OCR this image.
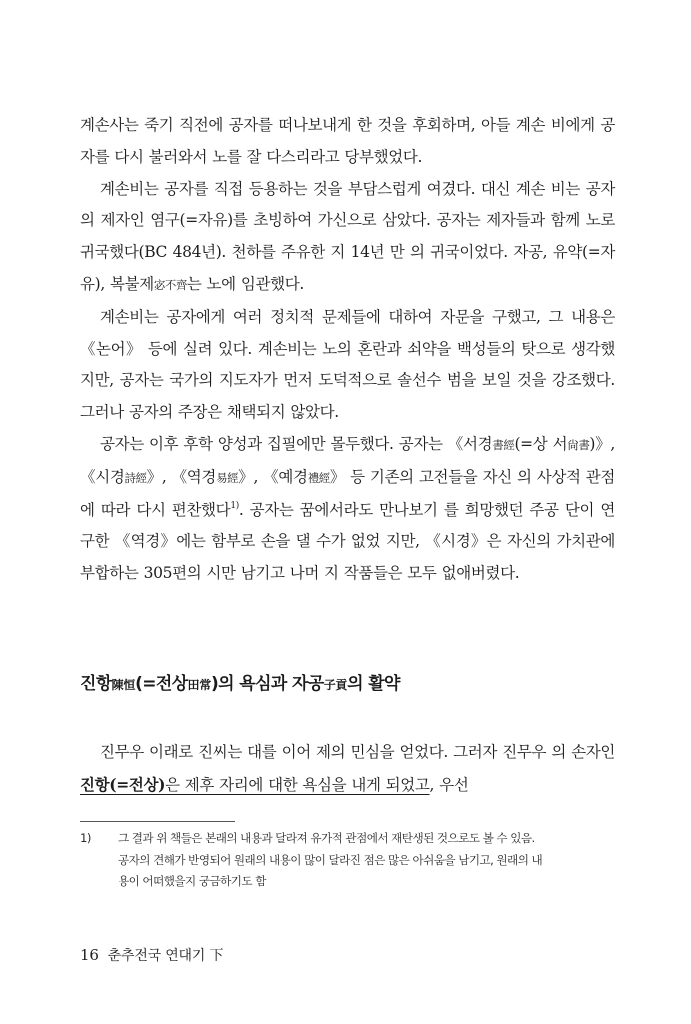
계손사는 죽기 직전에 공자를 떠나보내게 한 것을 후회하며, 아들 계손 비에게 공자를 다시 불러와서 노를 잘 다스리라고 당부했었다.

계손비는 공자를 직접 등용하는 것을 부담스럽게 여겼다. 대신 계손 비는 공자의 제자인 염구(=자유)를 초빙하여 가신으로 삼았다. 공자는 제자들과 함께 노로 귀국했다(BC 484년). 천하를 주유한 지 14년 만 의 귀국이었다. 자공, 유약(=자유), 복불제宓不齊는 노에 임관했다.

계손비는 공자에게 여러 정치적 문제들에 대하여 자문을 구했고, 그 내용은 《논어》 등에 실려 있다. 계손비는 노의 혼란과 쇠약을 백성들의 탓으로 생각했지만, 공자는 국가의 지도자가 먼저 도덕적으로 솔선수 범을 보일 것을 강조했다. 그러나 공자의 주장은 채택되지 않았다.

공자는 이후 후학 양성과 집필에만 몰두했다. 공자는 《서경書經(=상 서尙書)》, 《시경詩經》, 《역경易經》, 《예경禮經》 등 기존의 고전들을 자신 의 사상적 관점에 따라 다시 편찬했다$^{1)}$. 공자는 꿈에서라도 만나보기 를 희망했던 주공 단이 연구한 《역경》에는 함부로 손을 댈 수가 없었 지만, 《시경》은 자신의 가치관에 부합하는 305편의 시만 남기고 나머 지 작품들은 모두 없애버렸다.

진항陳恒(=전상田常)의 욕심과 자공子貢의 활약

진무우 이래로 진씨는 대를 이어 제의 민심을 얻었다. 그러자 진무우 의 손자인 진항(=전상)은 제후 자리에 대한 욕심을 내게 되었고, 우선

1) 그 결과 위 책들은 본래의 내용과 달라져 유가적 관점에서 재탄생된 것으로도 볼 수 있음.
공자의 견해가 반영되어 원래의 내용이 많이 달라진 점은 많은 아쉬움을 남기고, 원래의 내
용이 어떠했을지 궁금하기도 함
16 춘추전국 연대기 下
